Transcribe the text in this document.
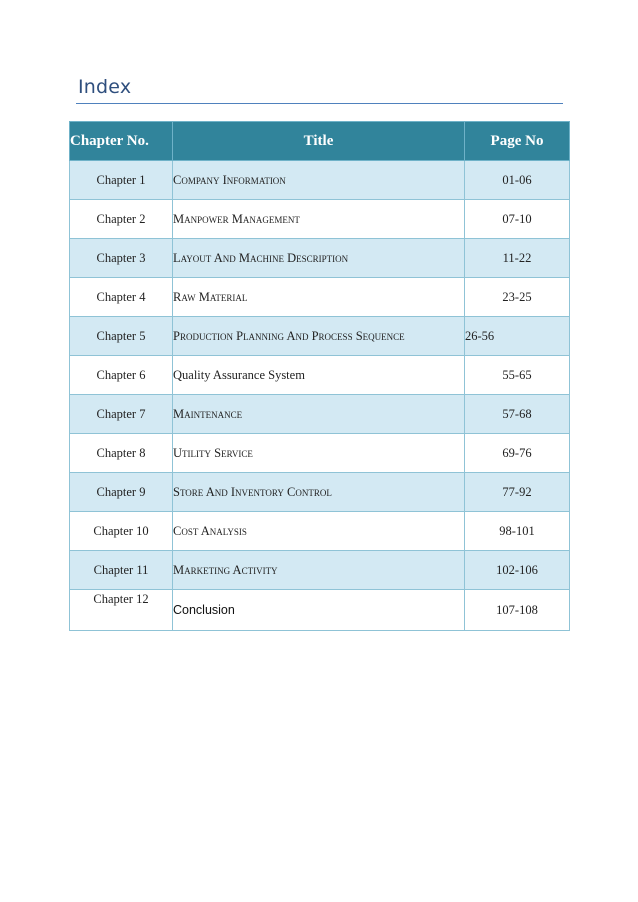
Index
Chapter No.	Title	Page No
Chapter 1	Company Information	01-06
Chapter 2	Manpower Management	07-10
Chapter 3	Layout And Machine Description	11-22
Chapter 4	Raw Material	23-25
Chapter 5	Production Planning And Process Sequence	26-56
Chapter 6	Quality Assurance System	55-65
Chapter 7	Maintenance	57-68
Chapter 8	Utility Service	69-76
Chapter 9	Store And Inventory Control	77-92
Chapter 10	Cost Analysis	98-101
Chapter 11	Marketing Activity	102-106
Chapter 12	Conclusion	107-108
